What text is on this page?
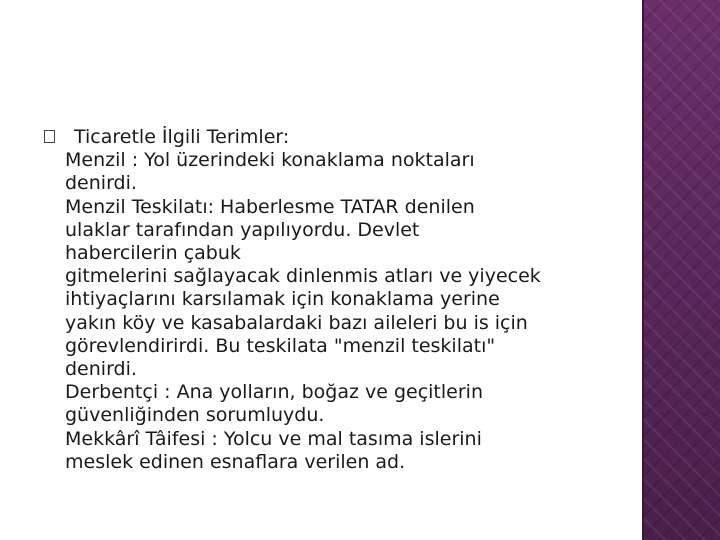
Ticaretle İlgili Terimler:
Menzil : Yol üzerindeki konaklama noktaları
denirdi.
Menzil Teskilatı: Haberlesme TATAR denilen
ulaklar tarafından yapılıyordu. Devlet
habercilerin çabuk
gitmelerini sağlayacak dinlenmis atları ve yiyecek
ihtiyaçlarını karsılamak için konaklama yerine
yakın köy ve kasabalardaki bazı aileleri bu is için
görevlendirirdi. Bu teskilata "menzil teskilatı"
denirdi.
Derbentçi : Ana yolların, boğaz ve geçitlerin
güvenliğinden sorumluydu.
Mekkârî Tâifesi : Yolcu ve mal tasıma islerini
meslek edinen esnaflara verilen ad.
